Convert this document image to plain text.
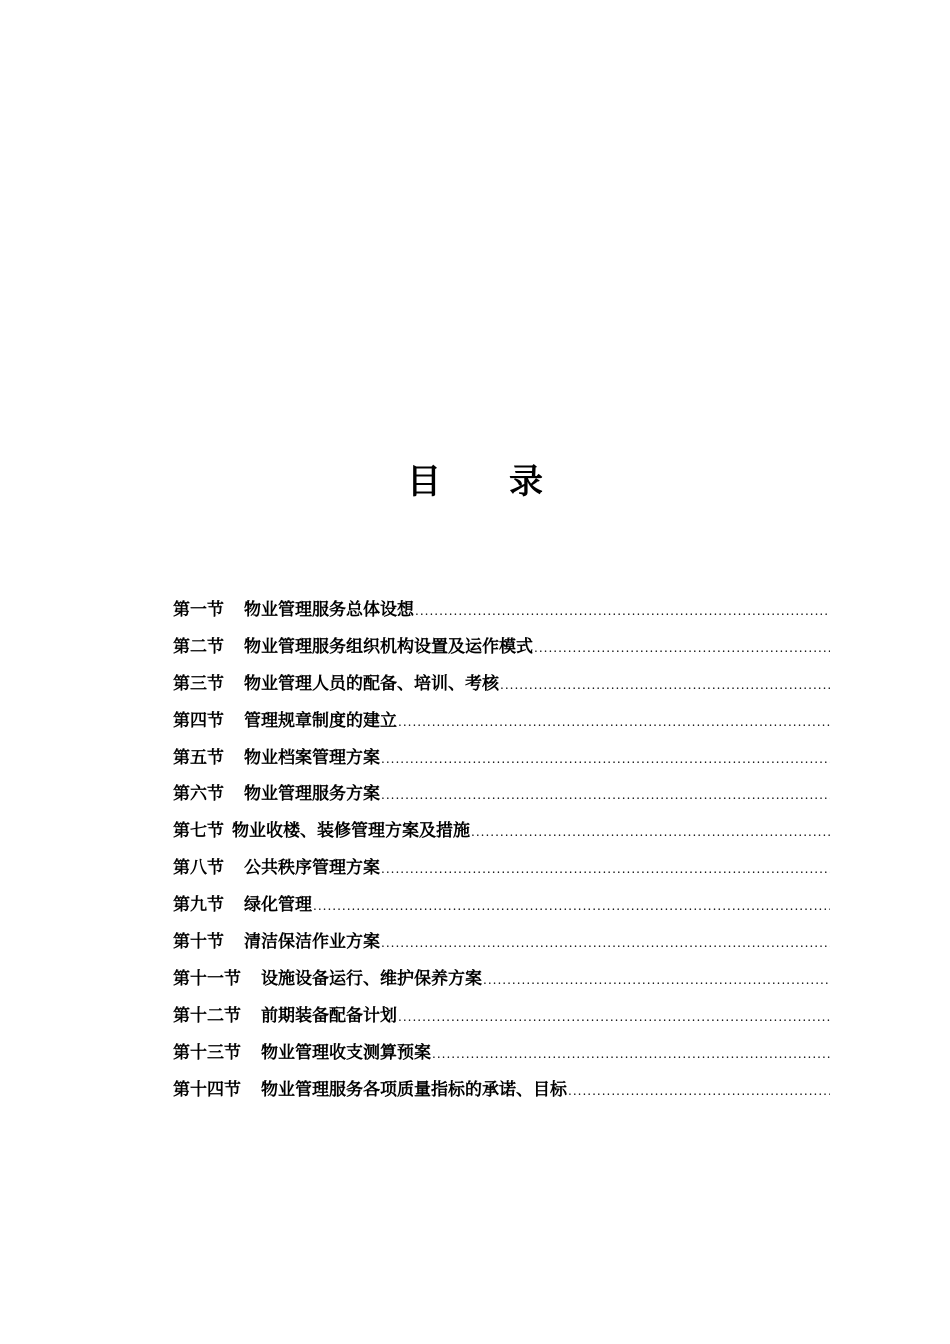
目 录
第一节 物业管理服务总体设想
.....
第二节 物业管理服务组织机构设置及运作模式
.....
第三节 物业管理人员的配备、培训、考核
.....
第四节 管理规章制度的建立
.....
第五节 物业档案管理方案
.....
第六节 物业管理服务方案
.....
第七节 物业收楼、装修管理方案及措施
.....
第八节 公共秩序管理方案
.....
第九节 绿化管理
.....
第十节 清洁保洁作业方案
.....
第十一节 设施设备运行、维护保养方案
.....
第十二节 前期装备配备计划
.....
第十三节 物业管理收支测算预案
.....
第十四节 物业管理服务各项质量指标的承诺、目标
.....
